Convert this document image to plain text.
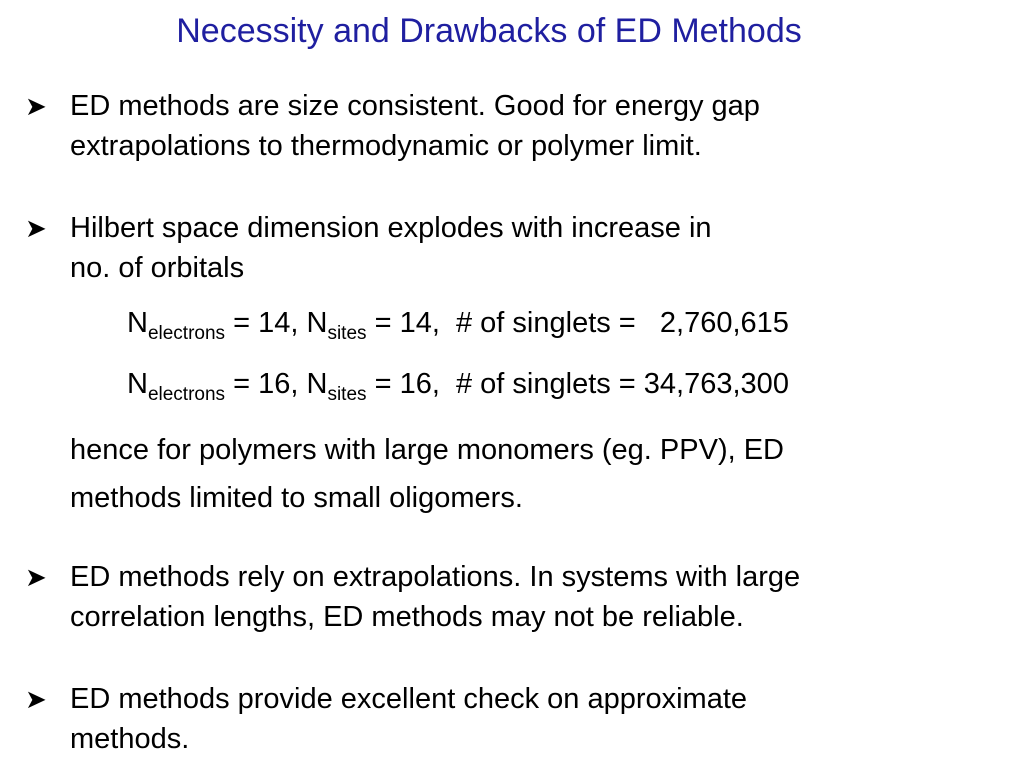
Necessity and Drawbacks of ED Methods
➤ ED methods are size consistent. Good for energy gap
extrapolations to thermodynamic or polymer limit.
➤ Hilbert space dimension explodes with increase in
no. of orbitals
$N_{electrons} = 14$, $N_{sites} = 14$,  # of singlets =   2,760,615
$N_{electrons} = 16$, $N_{sites} = 16$,  # of singlets = 34,763,300
hence for polymers with large monomers (eg. PPV), ED
methods limited to small oligomers.
➤ ED methods rely on extrapolations. In systems with large
correlation lengths, ED methods may not be reliable.
➤ ED methods provide excellent check on approximate
methods.
